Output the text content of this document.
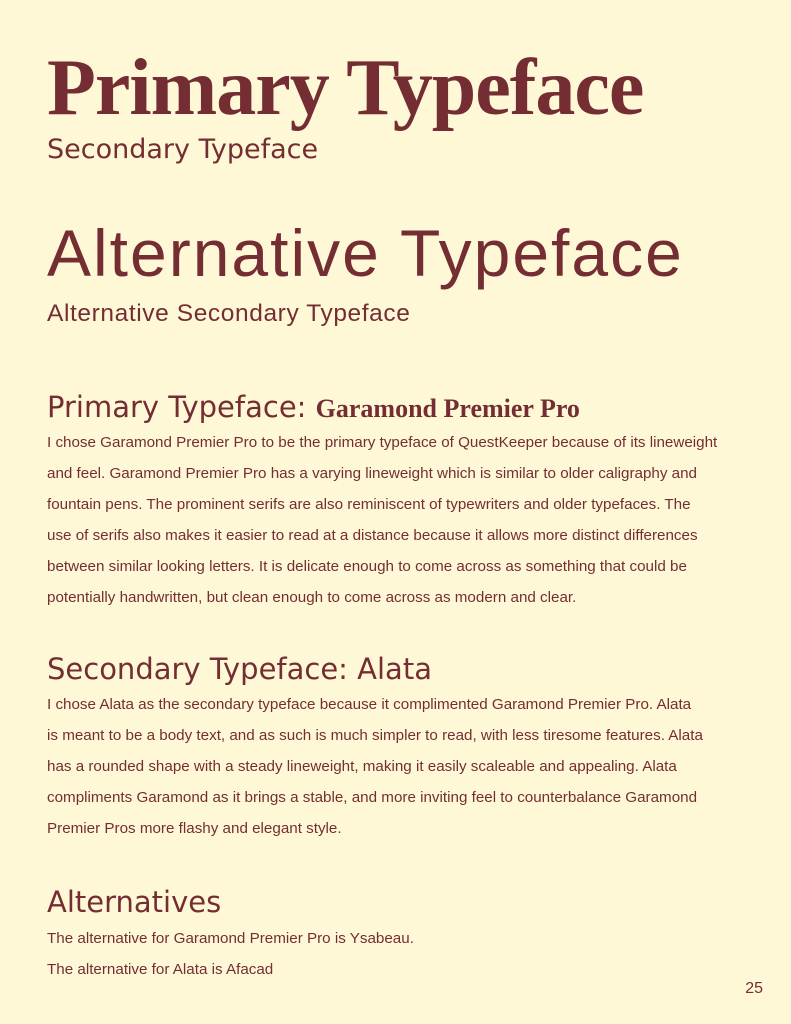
Primary Typeface
Secondary Typeface
Alternative Typeface
Alternative Secondary Typeface
Primary Typeface: Garamond Premier Pro
I chose Garamond Premier Pro to be the primary typeface of QuestKeeper because of its lineweight
and feel. Garamond Premier Pro has a varying lineweight which is similar to older caligraphy and
fountain pens. The prominent serifs are also reminiscent of typewriters and older typefaces. The
use of serifs also makes it easier to read at a distance because it allows more distinct differences
between similar looking letters. It is delicate enough to come across as something that could be
potentially handwritten, but clean enough to come across as modern and clear.
Secondary Typeface: Alata
I chose Alata as the secondary typeface because it complimented Garamond Premier Pro. Alata
is meant to be a body text, and as such is much simpler to read, with less tiresome features. Alata
has a rounded shape with a steady lineweight, making it easily scaleable and appealing. Alata
compliments Garamond as it brings a stable, and more inviting feel to counterbalance Garamond
Premier Pros more flashy and elegant style.
Alternatives
The alternative for Garamond Premier Pro is Ysabeau.
The alternative for Alata is Afacad
25
